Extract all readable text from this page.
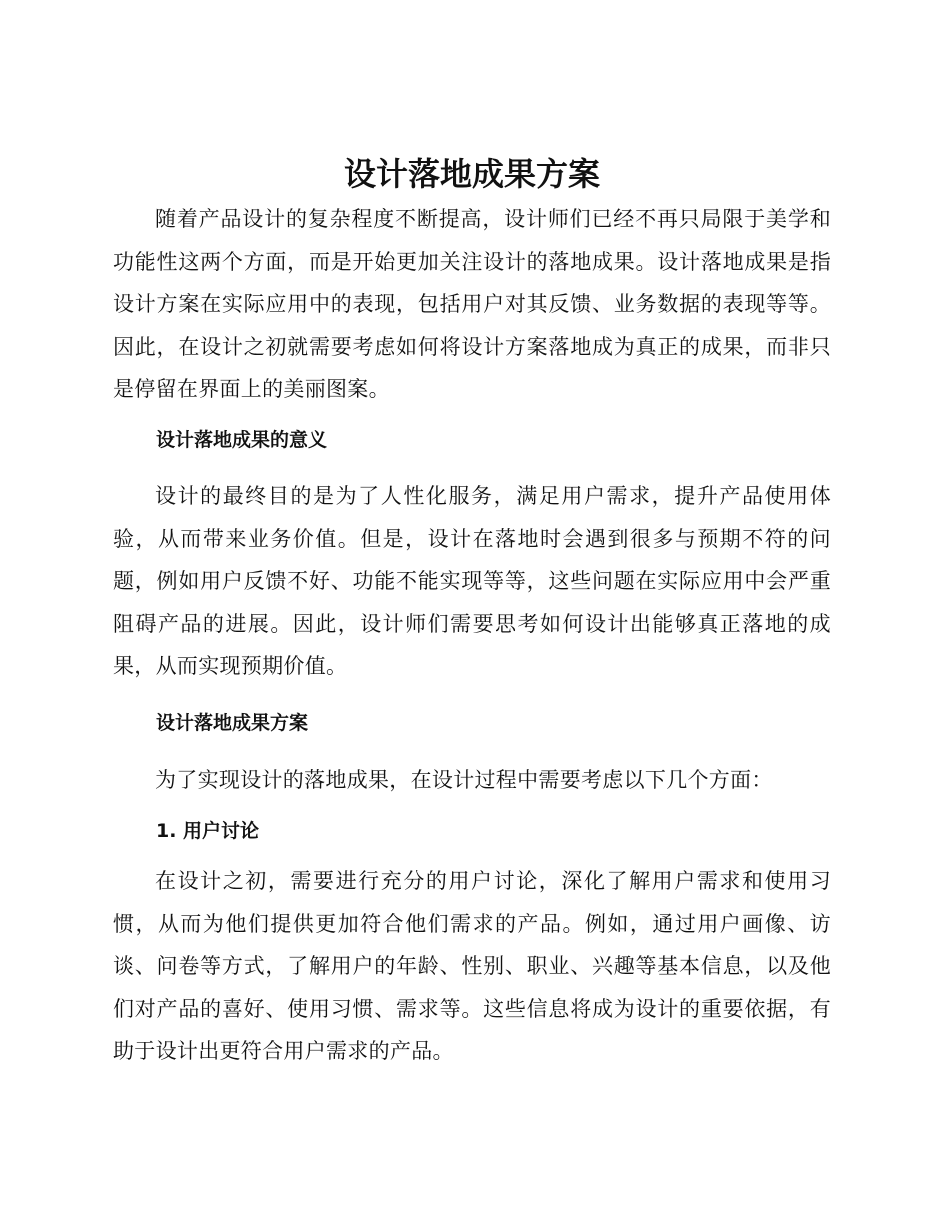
设计落地成果方案

随着产品设计的复杂程度不断提高，设计师们已经不再只局限于美学和功能性这两个方面，而是开始更加关注设计的落地成果。设计落地成果是指设计方案在实际应用中的表现，包括用户对其反馈、业务数据的表现等等。因此，在设计之初就需要考虑如何将设计方案落地成为真正的成果，而非只是停留在界面上的美丽图案。

设计落地成果的意义

设计的最终目的是为了人性化服务，满足用户需求，提升产品使用体验，从而带来业务价值。但是，设计在落地时会遇到很多与预期不符的问题，例如用户反馈不好、功能不能实现等等，这些问题在实际应用中会严重阻碍产品的进展。因此，设计师们需要思考如何设计出能够真正落地的成果，从而实现预期价值。

设计落地成果方案

为了实现设计的落地成果，在设计过程中需要考虑以下几个方面：

1. 用户讨论

在设计之初，需要进行充分的用户讨论，深化了解用户需求和使用习惯，从而为他们提供更加符合他们需求的产品。例如，通过用户画像、访谈、问卷等方式，了解用户的年龄、性别、职业、兴趣等基本信息，以及他们对产品的喜好、使用习惯、需求等。这些信息将成为设计的重要依据，有助于设计出更符合用户需求的产品。
